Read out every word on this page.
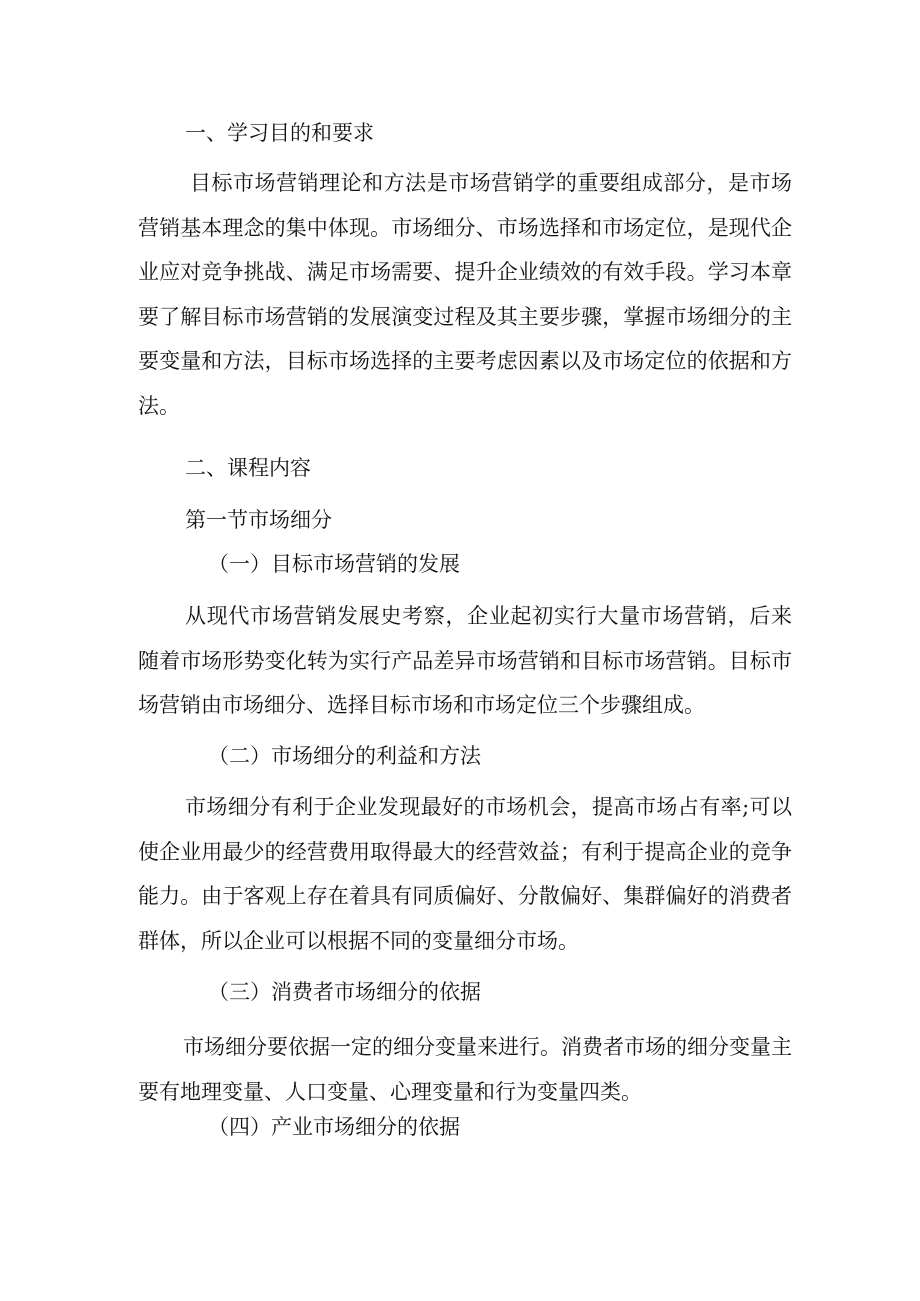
一、学习目的和要求

目标市场营销理论和方法是市场营销学的重要组成部分，是市场营销基本理念的集中体现。市场细分、市场选择和市场定位，是现代企业应对竞争挑战、满足市场需要、提升企业绩效的有效手段。学习本章要了解目标市场营销的发展演变过程及其主要步骤，掌握市场细分的主要变量和方法，目标市场选择的主要考虑因素以及市场定位的依据和方法。

二、课程内容

第一节市场细分

（一）目标市场营销的发展

从现代市场营销发展史考察，企业起初实行大量市场营销，后来随着市场形势变化转为实行产品差异市场营销和目标市场营销。目标市场营销由市场细分、选择目标市场和市场定位三个步骤组成。

（二）市场细分的利益和方法

市场细分有利于企业发现最好的市场机会，提高市场占有率;可以使企业用最少的经营费用取得最大的经营效益；有利于提高企业的竞争能力。由于客观上存在着具有同质偏好、分散偏好、集群偏好的消费者群体，所以企业可以根据不同的变量细分市场。

（三）消费者市场细分的依据

市场细分要依据一定的细分变量来进行。消费者市场的细分变量主要有地理变量、人口变量、心理变量和行为变量四类。

（四）产业市场细分的依据
